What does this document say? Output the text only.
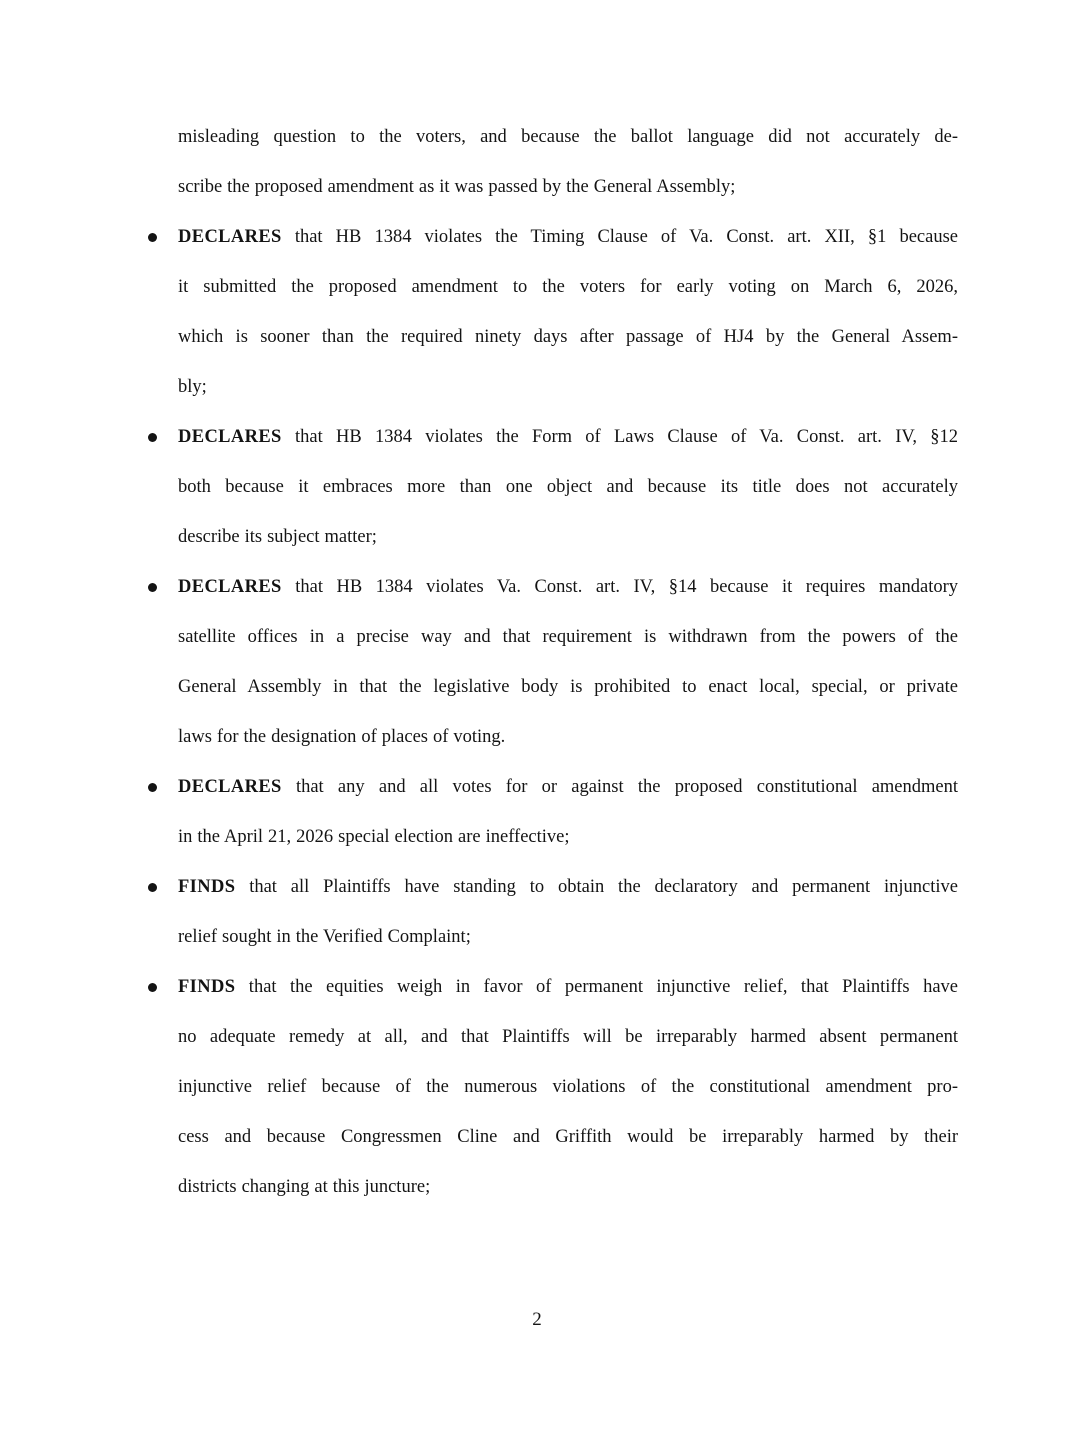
misleading question to the voters, and because the ballot language did not accurately de-
scribe the proposed amendment as it was passed by the General Assembly;
DECLARES that HB 1384 violates the Timing Clause of Va. Const. art. XII, §1 because
it submitted the proposed amendment to the voters for early voting on March 6, 2026,
which is sooner than the required ninety days after passage of HJ4 by the General Assem-
bly;
DECLARES that HB 1384 violates the Form of Laws Clause of Va. Const. art. IV, §12
both because it embraces more than one object and because its title does not accurately
describe its subject matter;
DECLARES that HB 1384 violates Va. Const. art. IV, §14 because it requires mandatory
satellite offices in a precise way and that requirement is withdrawn from the powers of the
General Assembly in that the legislative body is prohibited to enact local, special, or private
laws for the designation of places of voting.
DECLARES that any and all votes for or against the proposed constitutional amendment
in the April 21, 2026 special election are ineffective;
FINDS that all Plaintiffs have standing to obtain the declaratory and permanent injunctive
relief sought in the Verified Complaint;
FINDS that the equities weigh in favor of permanent injunctive relief, that Plaintiffs have
no adequate remedy at all, and that Plaintiffs will be irreparably harmed absent permanent
injunctive relief because of the numerous violations of the constitutional amendment pro-
cess and because Congressmen Cline and Griffith would be irreparably harmed by their
districts changing at this juncture;
2
